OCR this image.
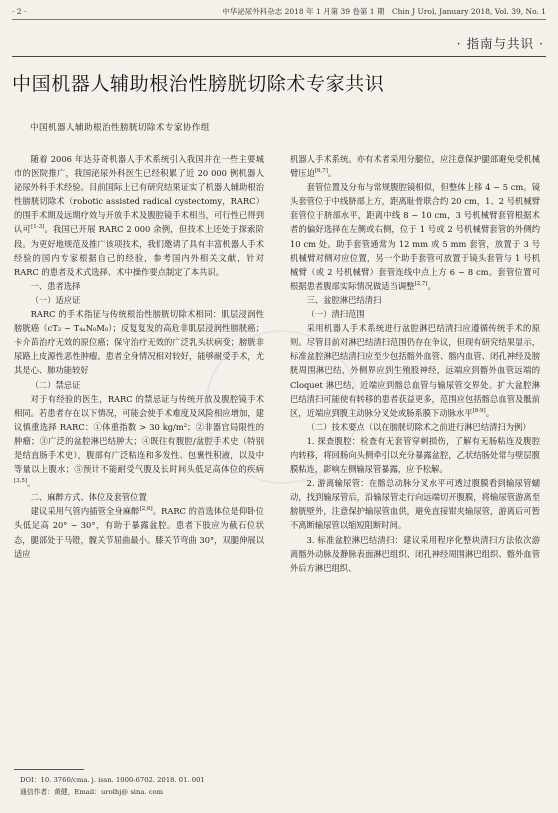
· 2 ·	中华泌尿外科杂志 2018 年 1 月第 39 卷第 1 期　Chin J Urol, January 2018, Vol. 39, No. 1
· 指南与共识 ·
中国机器人辅助根治性膀胱切除术专家共识
中国机器人辅助根治性膀胱切除术专家协作组

随着 2006 年达芬奇机器人手术系统引入我国并在一些主要城市的医院推广，我国泌尿外科医生已经积累了近 20 000 例机器人泌尿外科手术经验。目前国际上已有研究结果证实了机器人辅助根治性膀胱切除术（robotic assisted radical cystectomy，RARC）的围手术期及远期疗效与开放手术及腹腔镜手术相当，可行性已得到认可[1-3]。我国已开展 RARC 2 000 余例，但技术上还处于探索阶段。为更好地规范及推广该项技术，我们邀请了具有丰富机器人手术经验的国内专家根据自己的经验，参考国内外相关文献，针对 RARC 的患者及术式选择、术中操作要点制定了本共识。

一、患者选择

（一）适应证

RARC 的手术指征与传统根治性膀胱切除术相同：肌层浸润性膀胱癌（cT₂ ~ T₄ₐN₀M₀）；反复复发的高危非肌层浸润性膀胱癌；卡介苗治疗无效的原位癌；保守治疗无效的广泛乳头状病变；膀胱非尿路上皮源性恶性肿瘤。患者全身情况相对较好，能够耐受手术，尤其是心、肺功能较好

（二）禁忌证

对于有经验的医生，RARC 的禁忌证与传统开放及腹腔镜手术相同。若患者存在以下情况，可能会使手术难度及风险相应增加，建议慎重选择 RARC：①体重指数 > 30 kg/m²；②非器官局限性的肿瘤；③广泛的盆腔淋巴结肿大；④既往有腹腔/盆腔手术史（特别是结直肠手术史），腹部有广泛粘连和多发性、包裹性积液，以及中等量以上腹水；⑤预计不能耐受气腹及长时间头低足高体位的疾病[3,5]。

二、麻醉方式、体位及套管位置

建议采用气管内插管全身麻醉[2,6]。RARC 的首选体位是仰卧位头低足高 20° ~ 30°，有助于暴露盆腔。患者下肢应为截石位状态，腿部处于马镫，髋关节屈曲最小。膝关节弯曲 30°，双腿伸展以适应

机器人手术系统。亦有术者采用分腿位，应注意保护腿部避免受机械臂压迫[6,7]。

套管位置及分布与常规腹腔镜相似，但整体上移 4 ~ 5 cm。镜头套管位于中线脐部上方，距离耻骨联合约 20 cm，1、2 号机械臂套管位于脐部水平，距离中线 8 ~ 10 cm，3 号机械臂套管根据术者的偏好选择在左侧或右侧，位于 1 号或 2 号机械臂套管的外侧约 10 cm 处。助手套管通常为 12 mm 或 5 mm 套管，放置于 3 号机械臂对侧对应位置，另一个助手套管可放置于镜头套管与 1 号机械臂（或 2 号机械臂）套管连线中点上方 6 ~ 8 cm。套管位置可根据患者腹部实际情况做适当调整[2,7]。

三、盆腔淋巴结清扫

（一）清扫范围

采用机器人手术系统进行盆腔淋巴结清扫应遵循传统手术的原则。尽管目前对淋巴结清扫范围仍存在争议，但现有研究结果显示，标准盆腔淋巴结清扫应至少包括髂外血管、髂内血管、闭孔神经及膀胱周围淋巴结，外侧界应到生殖股神经，远端应到髂外血管远端的 Cloquet 淋巴结，近端应到髂总血管与输尿管交界处。扩大盆腔淋巴结清扫可能使有转移的患者获益更多，范围应包括髂总血管及骶前区，近端应到腹主动脉分叉处或肠系膜下动脉水平[8-9]。

（二）技术要点（以在膀胱切除术之前进行淋巴结清扫为例）

1. 探查腹腔：检查有无套管穿刺损伤，了解有无肠粘连及腹腔内转移，将回肠向头侧牵引以充分暴露盆腔，乙状结肠处常与壁层腹膜粘连，影响左侧输尿管暴露，应予松解。

2. 游离输尿管：在髂总动脉分叉水平可透过腹膜看到输尿管蠕动，找到输尿管后，沿输尿管走行向远端切开腹膜，将输尿管游离至膀胱壁外，注意保护输尿管血供，避免直接钳夹输尿管，游离后可暂不离断输尿管以缩短阻断时间。

3. 标准盆腔淋巴结清扫：建议采用程序化整块清扫方法依次游离髂外动脉及静脉表面淋巴组织、闭孔神经周围淋巴组织、髂外血管外后方淋巴组织、

DOI：10. 3760/cma. j. issn. 1000-6702. 2018. 01. 001
通信作者：黄健，Email：urolhj@ sina. com
